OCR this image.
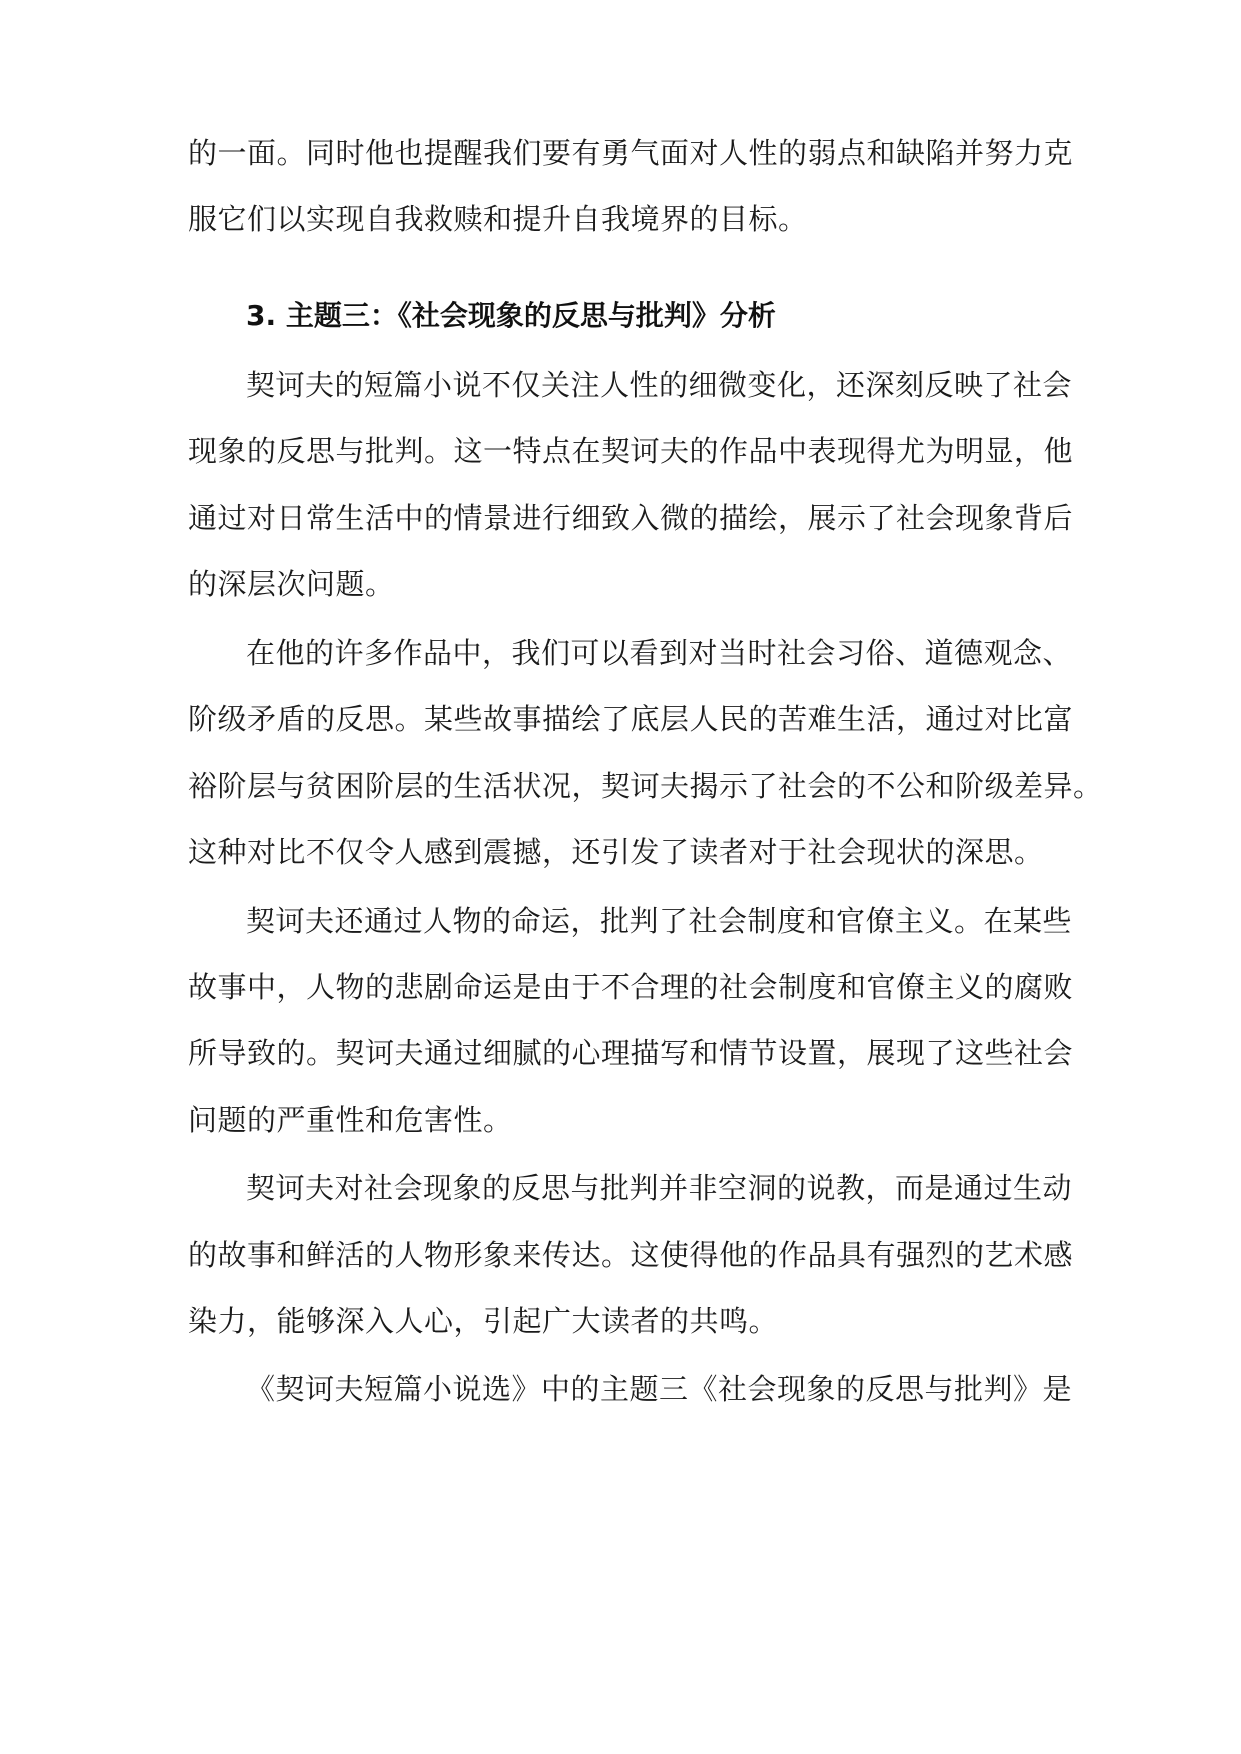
的一面。同时他也提醒我们要有勇气面对人性的弱点和缺陷并努力克
服它们以实现自我救赎和提升自我境界的目标。
3. 主题三：《社会现象的反思与批判》分析
契诃夫的短篇小说不仅关注人性的细微变化，还深刻反映了社会
现象的反思与批判。这一特点在契诃夫的作品中表现得尤为明显，他
通过对日常生活中的情景进行细致入微的描绘，展示了社会现象背后
的深层次问题。
在他的许多作品中，我们可以看到对当时社会习俗、道德观念、
阶级矛盾的反思。某些故事描绘了底层人民的苦难生活，通过对比富
裕阶层与贫困阶层的生活状况，契诃夫揭示了社会的不公和阶级差异。
这种对比不仅令人感到震撼，还引发了读者对于社会现状的深思。
契诃夫还通过人物的命运，批判了社会制度和官僚主义。在某些
故事中，人物的悲剧命运是由于不合理的社会制度和官僚主义的腐败
所导致的。契诃夫通过细腻的心理描写和情节设置，展现了这些社会
问题的严重性和危害性。
契诃夫对社会现象的反思与批判并非空洞的说教，而是通过生动
的故事和鲜活的人物形象来传达。这使得他的作品具有强烈的艺术感
染力，能够深入人心，引起广大读者的共鸣。
《契诃夫短篇小说选》中的主题三《社会现象的反思与批判》是
